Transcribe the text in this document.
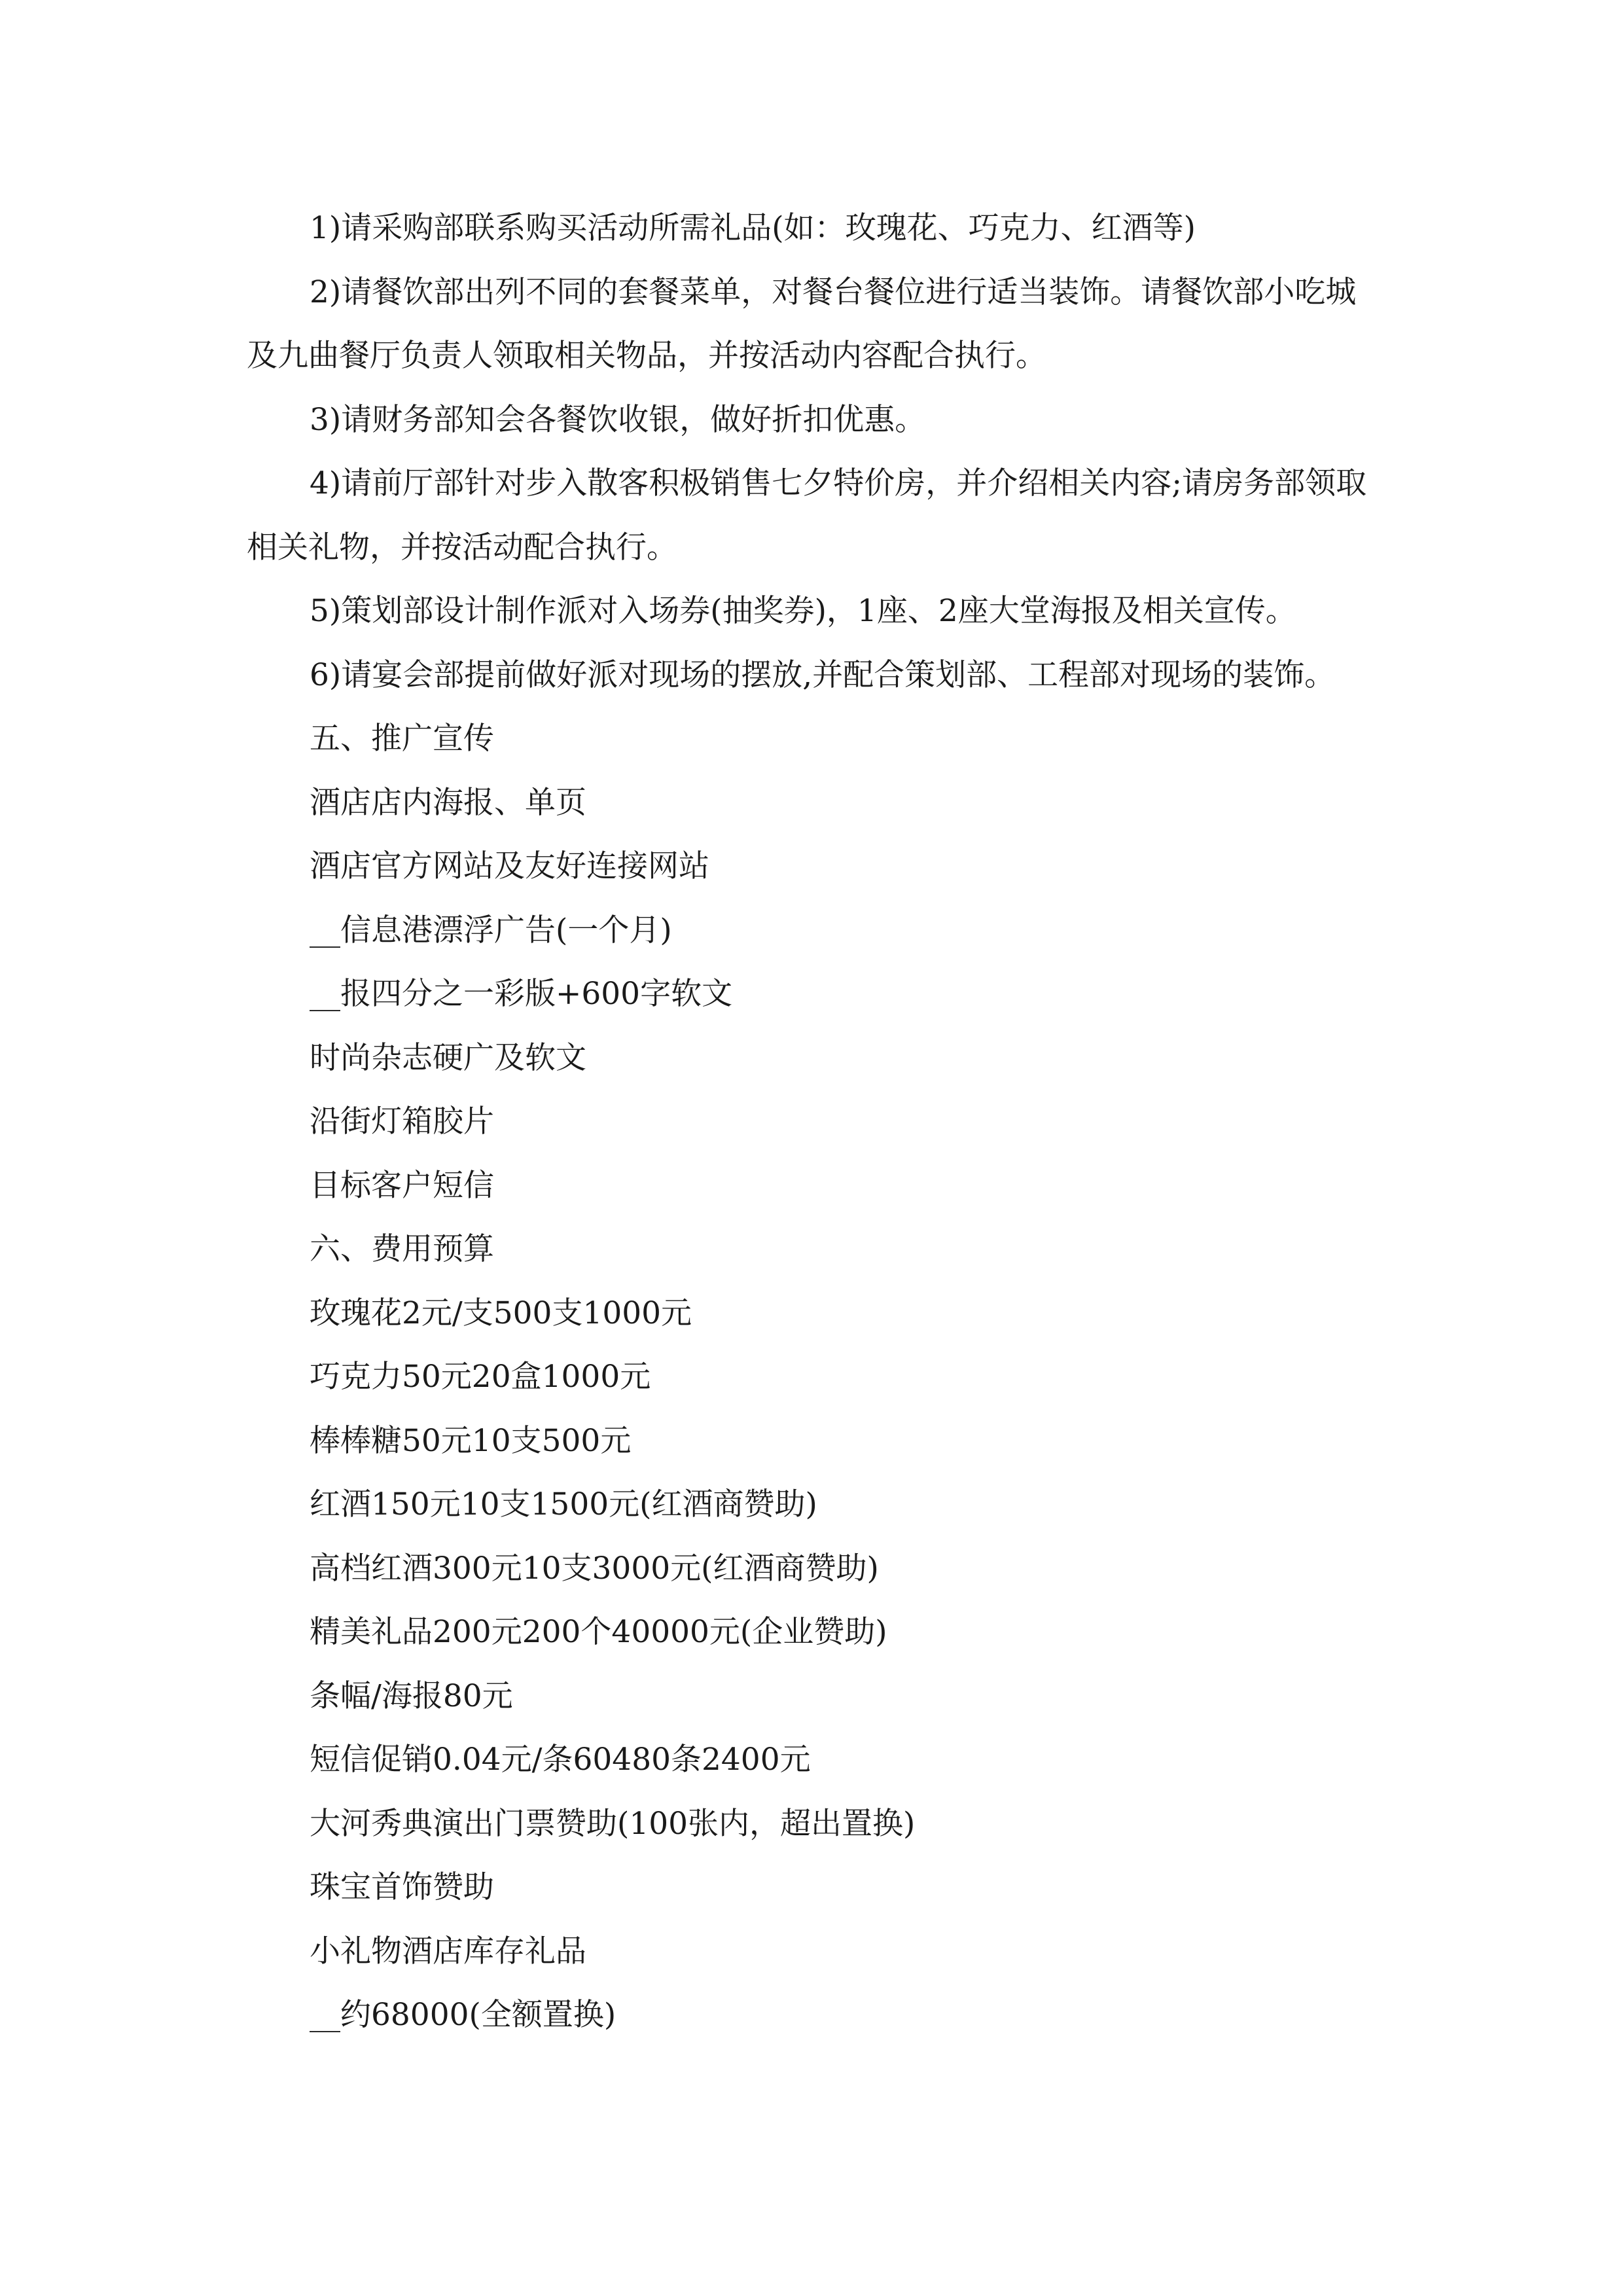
1)请采购部联系购买活动所需礼品(如：玫瑰花、巧克力、红酒等)

2)请餐饮部出列不同的套餐菜单，对餐台餐位进行适当装饰。请餐饮部小吃城及九曲餐厅负责人领取相关物品，并按活动内容配合执行。

3)请财务部知会各餐饮收银，做好折扣优惠。

4)请前厅部针对步入散客积极销售七夕特价房，并介绍相关内容;请房务部领取相关礼物，并按活动配合执行。

5)策划部设计制作派对入场券(抽奖券)，1座、2座大堂海报及相关宣传。

6)请宴会部提前做好派对现场的摆放,并配合策划部、工程部对现场的装饰。

五、推广宣传

酒店店内海报、单页

酒店官方网站及友好连接网站

__信息港漂浮广告(一个月)

__报四分之一彩版+600字软文

时尚杂志硬广及软文

沿街灯箱胶片

目标客户短信

六、费用预算

玫瑰花2元/支500支1000元

巧克力50元20盒1000元

棒棒糖50元10支500元

红酒150元10支1500元(红酒商赞助)

高档红酒300元10支3000元(红酒商赞助)

精美礼品200元200个40000元(企业赞助)

条幅/海报80元

短信促销0.04元/条60480条2400元

大河秀典演出门票赞助(100张内，超出置换)

珠宝首饰赞助

小礼物酒店库存礼品

__约68000(全额置换)
